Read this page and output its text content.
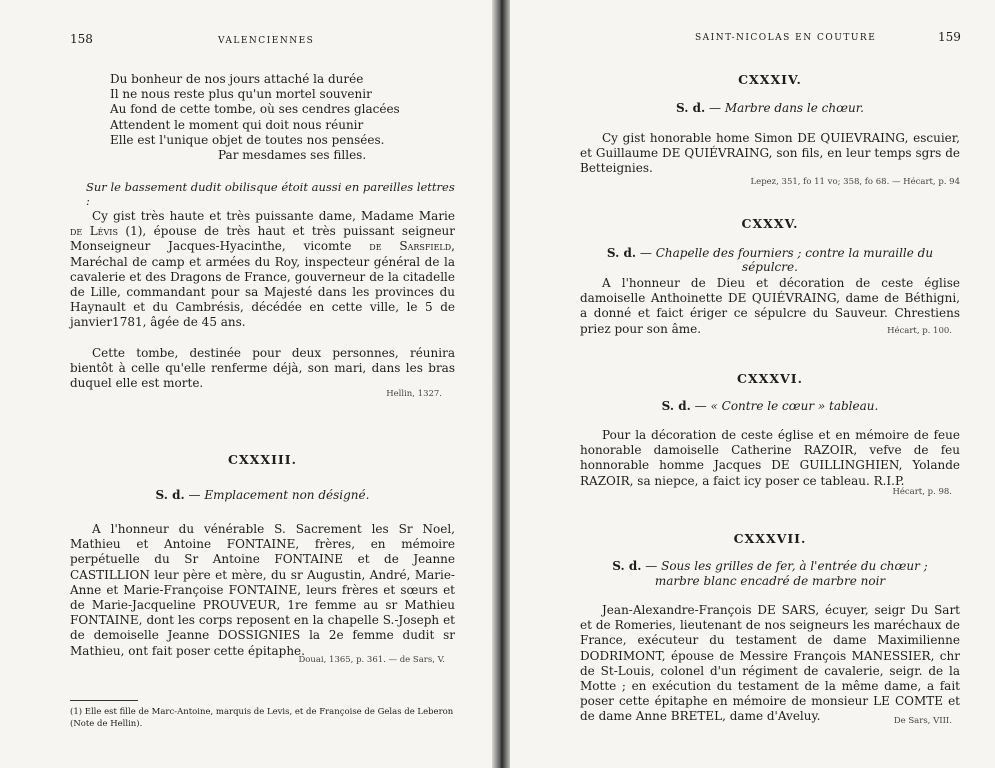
158	VALENCIENNES
Du bonheur de nos jours attaché la durée
Il ne nous reste plus qu'un mortel souvenir
Au fond de cette tombe, où ses cendres glacées
Attendent le moment qui doit nous réunir
Elle est l'unique objet de toutes nos pensées.
Par mesdames ses filles.
Sur le bassement dudit obilisque étoit aussi en pareilles lettres :

Cy gist très haute et très puissante dame, Madame Marie de Lévis (1), épouse de très haut et très puissant seigneur Monseigneur Jacques-Hyacinthe, vicomte de Sarsfield, Maréchal de camp et armées du Roy, inspecteur général de la cavalerie et des Dragons de France, gouverneur de la citadelle de Lille, commandant pour sa Majesté dans les provinces du Haynault et du Cambrésis, décédée en cette ville, le 5 de janvier1781, âgée de 45 ans.

Cette tombe, destinée pour deux personnes, réunira bientôt à celle qu'elle renferme déjà, son mari, dans les bras duquel elle est morte.

Hellin, 1327.
CXXXIII.
S. d. — Emplacement non désigné.

A l'honneur du vénérable S. Sacrement les Sr Noel, Mathieu et Antoine FONTAINE, frères, en mémoire perpétuelle du Sr Antoine FONTAINE et de Jeanne CASTILLION leur père et mère, du sr Augustin, André, Marie-Anne et Marie-Françoise FONTAINE, leurs frères et sœurs et de Marie-Jacqueline PROUVEUR, 1re femme au sr Mathieu FONTAINE, dont les corps reposent en la chapelle S.-Joseph et de demoiselle Jeanne DOSSIGNIES la 2e femme dudit sr Mathieu, ont fait poser cette épitaphe.

Douai, 1365, p. 361. — de Sars, V.
(1) Elle est fille de Marc-Antoine, marquis de Levis, et de Françoise de Gelas de Leberon (Note de Hellin).
SAINT-NICOLAS EN COUTURE	159
CXXXIV.
S. d. — Marbre dans le chœur.

Cy gist honorable home Simon DE QUIEVRAING, escuier, et Guillaume DE QUIÉVRAING, son fils, en leur temps sgrs de Betteignies.

Lepez, 351, fo 11 vo; 358, fo 68. — Hécart, p. 94
CXXXV.
S. d. — Chapelle des fourniers ; contre la muraille du sépulcre.

A l'honneur de Dieu et décoration de ceste église damoiselle Anthoinette DE QUIÉVRAING, dame de Béthigni, a donné et faict ériger ce sépulcre du Sauveur. Chrestiens priez pour son âme.	Hécart, p. 100.
CXXXVI.
S. d. — « Contre le cœur » tableau.

Pour la décoration de ceste église et en mémoire de feue honorable damoiselle Catherine RAZOIR, vefve de feu honnorable homme Jacques DE GUILLINGHIEN, Yolande RAZOIR, sa niepce, a faict icy poser ce tableau. R.I.P.

Hécart, p. 98.
CXXXVII.
S. d. — Sous les grilles de fer, à l'entrée du chœur ;
marbre blanc encadré de marbre noir

Jean-Alexandre-François DE SARS, écuyer, seigr Du Sart et de Romeries, lieutenant de nos seigneurs les maréchaux de France, exécuteur du testament de dame Maximilienne DODRIMONT, épouse de Messire François MANESSIER, chr de St-Louis, colonel d'un régiment de cavalerie, seigr. de la Motte ; en exécution du testament de la même dame, a fait poser cette épitaphe en mémoire de monsieur LE COMTE et de dame Anne BRETEL, dame d'Aveluy.	De Sars, VIII.
